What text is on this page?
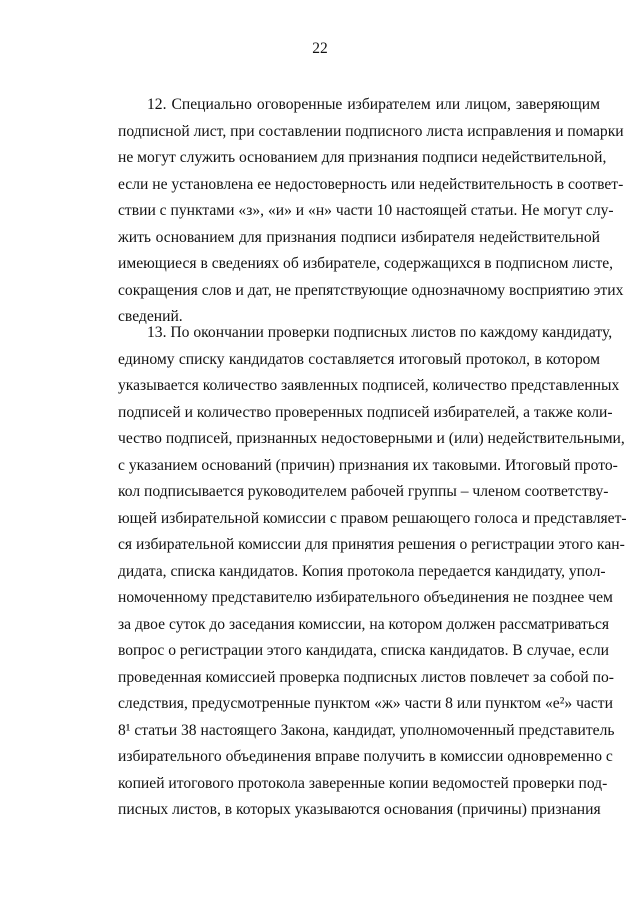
22
12. Специально оговоренные избирателем или лицом, заверяющим
подписной лист, при составлении подписного листа исправления и помарки
не могут служить основанием для признания подписи недействительной,
если не установлена ее недостоверность или недействительность в соответ-
ствии с пунктами «з», «и» и «н» части 10 настоящей статьи. Не могут слу-
жить основанием для признания подписи избирателя недействительной
имеющиеся в сведениях об избирателе, содержащихся в подписном листе,
сокращения слов и дат, не препятствующие однозначному восприятию этих
сведений.
13. По окончании проверки подписных листов по каждому кандидату,
единому списку кандидатов составляется итоговый протокол, в котором
указывается количество заявленных подписей, количество представленных
подписей и количество проверенных подписей избирателей, а также коли-
чество подписей, признанных недостоверными и (или) недействительными,
с указанием оснований (причин) признания их таковыми. Итоговый прото-
кол подписывается руководителем рабочей группы – членом соответству-
ющей избирательной комиссии с правом решающего голоса и представляет-
ся избирательной комиссии для принятия решения о регистрации этого кан-
дидата, списка кандидатов. Копия протокола передается кандидату, упол-
номоченному представителю избирательного объединения не позднее чем
за двое суток до заседания комиссии, на котором должен рассматриваться
вопрос о регистрации этого кандидата, списка кандидатов. В случае, если
проведенная комиссией проверка подписных листов повлечет за собой по-
следствия, предусмотренные пунктом «ж» части 8 или пунктом «е²» части
8¹ статьи 38 настоящего Закона, кандидат, уполномоченный представитель
избирательного объединения вправе получить в комиссии одновременно с
копией итогового протокола заверенные копии ведомостей проверки под-
писных листов, в которых указываются основания (причины) признания
